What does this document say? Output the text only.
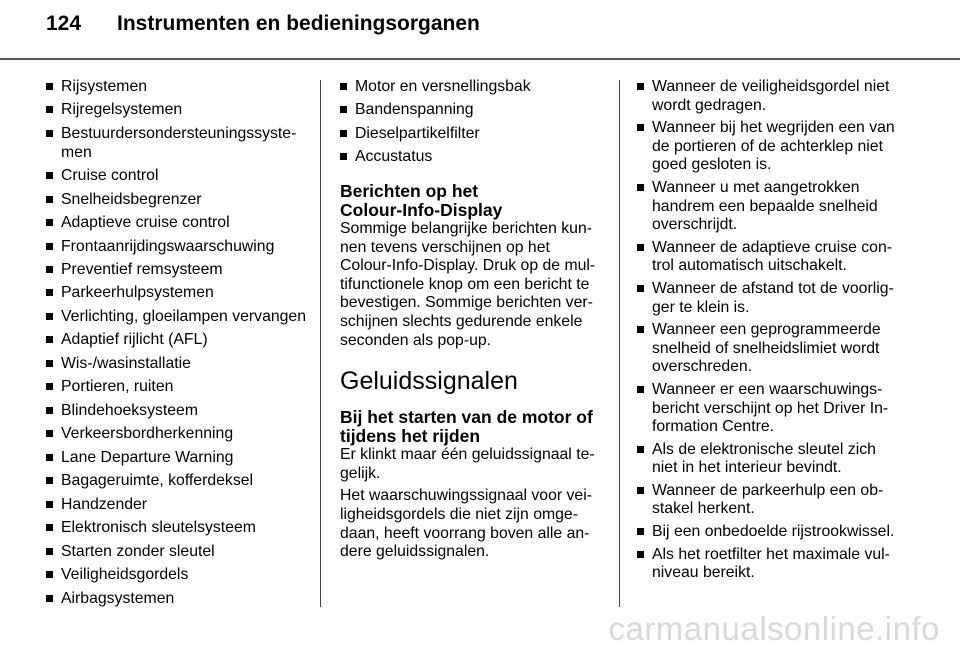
124 Instrumenten en bedieningsorganen
Rijsystemen
Rijregelsystemen
Bestuurdersondersteuningssyste-
men
Cruise control
Snelheidsbegrenzer
Adaptieve cruise control
Frontaanrijdingswaarschuwing
Preventief remsysteem
Parkeerhulpsystemen
Verlichting, gloeilampen vervangen
Adaptief rijlicht (AFL)
Wis-/wasinstallatie
Portieren, ruiten
Blindehoeksysteem
Verkeersbordherkenning
Lane Departure Warning
Bagageruimte, kofferdeksel
Handzender
Elektronisch sleutelsysteem
Starten zonder sleutel
Veiligheidsgordels
Airbagsystemen
Motor en versnellingsbak
Bandenspanning
Dieselpartikelfilter
Accustatus
Berichten op het
Colour-Info-Display

Sommige belangrijke berichten kun-
nen tevens verschijnen op het
Colour-Info-Display. Druk op de mul-
tifunctionele knop om een bericht te
bevestigen. Sommige berichten ver-
schijnen slechts gedurende enkele
seconden als pop-up.

Geluidssignalen
Bij het starten van de motor of
tijdens het rijden

Er klinkt maar één geluidssignaal te-
gelijk.

Het waarschuwingssignaal voor vei-
ligheidsgordels die niet zijn omge-
daan, heeft voorrang boven alle an-
dere geluidssignalen.

Wanneer de veiligheidsgordel niet
wordt gedragen.
Wanneer bij het wegrijden een van
de portieren of de achterklep niet
goed gesloten is.
Wanneer u met aangetrokken
handrem een bepaalde snelheid
overschrijdt.
Wanneer de adaptieve cruise con-
trol automatisch uitschakelt.
Wanneer de afstand tot de voorlig-
ger te klein is.
Wanneer een geprogrammeerde
snelheid of snelheidslimiet wordt
overschreden.
Wanneer er een waarschuwings-
bericht verschijnt op het Driver In-
formation Centre.
Als de elektronische sleutel zich
niet in het interieur bevindt.
Wanneer de parkeerhulp een ob-
stakel herkent.
Bij een onbedoelde rijstrookwissel.
Als het roetfilter het maximale vul-
niveau bereikt.
carmanualsonline.info
